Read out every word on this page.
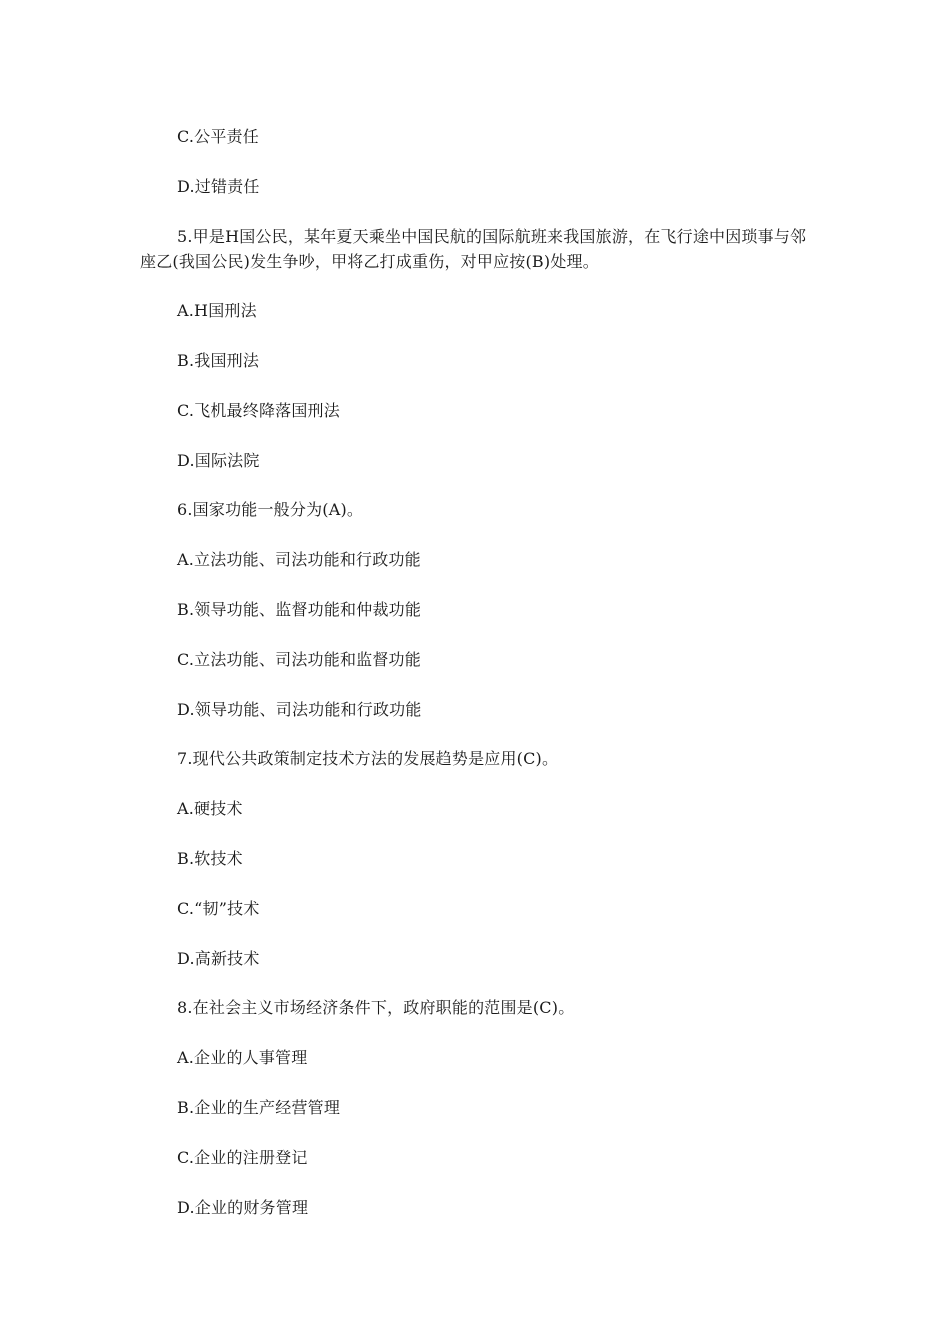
C.公平责任
D.过错责任
5.甲是H国公民，某年夏天乘坐中国民航的国际航班来我国旅游，在飞行途中因琐事与邻座乙(我国公民)发生争吵，甲将乙打成重伤，对甲应按(B)处理。
A.H国刑法
B.我国刑法
C.飞机最终降落国刑法
D.国际法院
6.国家功能一般分为(A)。
A.立法功能、司法功能和行政功能
B.领导功能、监督功能和仲裁功能
C.立法功能、司法功能和监督功能
D.领导功能、司法功能和行政功能
7.现代公共政策制定技术方法的发展趋势是应用(C)。
A.硬技术
B.软技术
C.“韧”技术
D.高新技术
8.在社会主义市场经济条件下，政府职能的范围是(C)。
A.企业的人事管理
B.企业的生产经营管理
C.企业的注册登记
D.企业的财务管理
